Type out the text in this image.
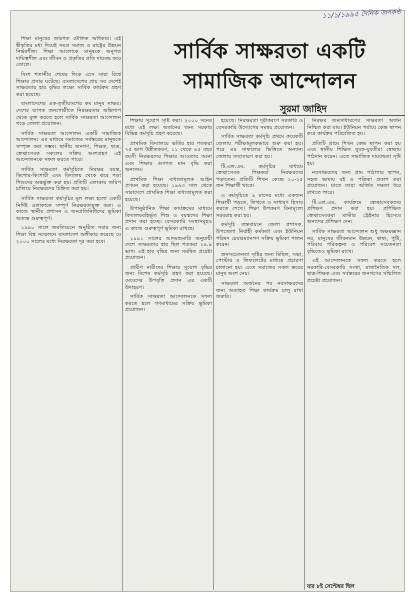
১১/১/১৯৯৫ দৈনিক জনকণ্ঠ
সার্বিক সাক্ষরতা একটি
সামাজিক আন্দোলন
সুরমা জাহিদ

শিক্ষা মানুষের জন্মগত মৌলিক অধিকার। এই স্বীকৃতির মধ্য দিয়েই সমগ্র সমাজ ও রাষ্ট্রের উন্নয়ন নির্ভরশীল। শিক্ষা আলোকে মানুষকে অনুগত দায়িত্বশীল এবং জীবন ও প্রকৃতির প্রতি দায়বদ্ধ করে তোলে।

বিংশ শতাব্দীর শেষের দিকে এসে সারা বিশ্বে শিক্ষার প্রসার ঘটেছে। বাংলাদেশের প্রায় সব দেশেই সাক্ষরতার হার বৃদ্ধির লক্ষ্যে সার্বিক কার্যক্রম গ্রহণ করা হয়েছে।

বাংলাদেশের এক-তৃতীয়াংশের কম মানুষ সাক্ষর। দেশের ব্যাপক জনগোষ্ঠীকে নিরক্ষরতার অভিশাপ থেকে মুক্ত করতে হলে সার্বিক সাক্ষরতা আন্দোলন গড়ে তোলা প্রয়োজন।

সার্বিক সাক্ষরতা আন্দোলন একটি সামাজিক আন্দোলন। এর মাধ্যমে সমাজের সর্বস্তরের মানুষকে সম্পৃক্ত করা সম্ভব। স্থানীয় জনগণ, শিক্ষক, ছাত্র, স্বেচ্ছাসেবক সকলের সক্রিয় অংশগ্রহণ এই আন্দোলনকে সফল করতে পারে।

সার্বিক সাক্ষরতা কর্মসূচিতে নিরক্ষর বয়স্ক, কিশোর-কিশোরী এবং বিদ্যালয় থেকে ঝরে পড়া শিশুদের অন্তর্ভুক্ত করা হয়। প্রতিটি এলাকায় জরিপ চালিয়ে নিরক্ষরদের চিহ্নিত করা হয়।

সার্বিক সাক্ষরতা কর্মসূচির মূল লক্ষ্য হলো একটি নির্দিষ্ট এলাকাকে সম্পূর্ণ নিরক্ষরতামুক্ত করা। এ কাজে স্থানীয় প্রশাসন ও জনপ্রতিনিধিদের ভূমিকা অত্যন্ত গুরুত্বপূর্ণ।

১৯৯০ সালে জমতিয়েনে অনুষ্ঠিত সবার জন্য শিক্ষা বিশ্ব সম্মেলনে বাংলাদেশ অঙ্গীকার করেছে যে ২০০০ সালের মধ্যে নিরক্ষরতা দূর করা হবে।

শিক্ষার সুযোগ সৃষ্টি করা। ২০০০ সনের মধ্যে এই লক্ষ্য অর্জনের জন্য সরকার বিভিন্ন কর্মসূচি গ্রহণ করেছে।

প্রাথমিক বিদ্যালয়ে ভর্তির হার শতকরা ৭৫ ভাগ উন্নীতকরণ, ১১ থেকে ৪৫ বছর বয়সী নিরক্ষরদের শিক্ষার আওতায় আনা এবং শিক্ষার গুণগত মান বৃদ্ধি করা অন্যতম।

প্রাথমিক শিক্ষা বাধ্যতামূলক আইন প্রণয়ন করা হয়েছে। ১৯৯৩ সাল থেকে সারাদেশে প্রাথমিক শিক্ষা বাধ্যতামূলক করা হয়েছে।

উপানুষ্ঠানিক শিক্ষা কার্যক্রমের মাধ্যমে বিদ্যালয়বহির্ভূত শিশু ও বয়স্কদের শিক্ষা প্রদান করা হচ্ছে। বেসরকারি সংস্থাসমূহও এ কাজে গুরুত্বপূর্ণ ভূমিকা রাখছে।

১৯৯১ সালের আদমশুমারি অনুযায়ী দেশে সাক্ষরতার হার ছিল শতকরা ২৪.৯ ভাগ। এই হার বৃদ্ধির জন্য সমন্বিত প্রচেষ্টা প্রয়োজন।

গ্রামীণ নারীদের শিক্ষার সুযোগ বৃদ্ধির জন্য বিশেষ কর্মসূচি গ্রহণ করা হয়েছে। মেয়েদের উপবৃত্তি প্রদান এর একটি উদাহরণ।

সার্বিক সাক্ষরতা আন্দোলনকে সফল করতে হলে গণমাধ্যমের সক্রিয় ভূমিকা প্রয়োজন।

হয়েছে। নিরক্ষরতা দূরীকরণে সরকারি ও বেসরকারি উদ্যোগের সমন্বয় প্রয়োজন।

সার্বিক সাক্ষরতা কর্মসূচি প্রথমে কয়েকটি জেলায় পরীক্ষামূলকভাবে শুরু করা হয়। পরে এর সাফল্যের ভিত্তিতে অন্যান্য জেলায় সম্প্রসারণ করা হয়।

টি.এল.এম. কর্মসূচির মাধ্যমে স্বেচ্ছাসেবক শিক্ষকরা নিরক্ষরদের পড়াতেন। প্রতিটি শিখন কেন্দ্রে ২০-২৫ জন শিক্ষার্থী থাকে।

এ কর্মসূচিতে ৯ মাসের মধ্যে একজন শিক্ষার্থী পড়তে, লিখতে ও সাধারণ হিসাব করতে শেখে। শিক্ষা উপকরণ বিনামূল্যে সরবরাহ করা হয়।

কর্মসূচি বাস্তবায়নে জেলা প্রশাসক, উপজেলা নির্বাহী কর্মকর্তা এবং ইউনিয়ন পরিষদ চেয়ারম্যানগণ সক্রিয় ভূমিকা পালন করেন।

জনসচেতনতা সৃষ্টির জন্য মিছিল, সভা, পোস্টার ও লিফলেটের মাধ্যমে প্রচারণা চালানো হয়। এতে সমাজের সকল স্তরের মানুষ অংশ নেয়।

সাক্ষরতা অর্জনের পর নবসাক্ষরদের জন্য অব্যাহত শিক্ষা কার্যক্রম চালু রাখা জরুরি।

নিরক্ষর জনসাধারণের সাক্ষরতা অর্জন নিশ্চিত করা যায়। ইউনিয়ন পর্যায়ে কেন্দ্র স্থাপন করে কার্যক্রম পরিচালিত হয়।

প্রতিটি গ্রামে শিখন কেন্দ্র স্থাপন করা হয় এবং স্থানীয় শিক্ষিত যুবক-যুবতীরা স্বেচ্ছায় পাঠদান করেন। এতে সামাজিক দায়বদ্ধতা সৃষ্টি হয়।

নবসাক্ষরদের জন্য গ্রাম পাঠাগার স্থাপন, সহজ ভাষায় বই ও পত্রিকা প্রকাশ করা প্রয়োজন। যাতে তারা অর্জিত দক্ষতা ধরে রাখতে পারে।

টি.এল.এম. কার্যক্রমে স্বেচ্ছাসেবকদের প্রশিক্ষণ প্রদান করা হয়। প্রশিক্ষিত স্বেচ্ছাসেবকরা মাস্টার ট্রেইনার হিসেবে অন্যদের প্রশিক্ষণ দেন।

সার্বিক সাক্ষরতা আন্দোলন শুধু অক্ষরজ্ঞান নয়, মানুষের জীবনমান উন্নয়ন, স্বাস্থ্য, পুষ্টি, পরিবার পরিকল্পনা ও পরিবেশ সচেতনতা বৃদ্ধিতেও ভূমিকা রাখে।

এই আন্দোলনকে সফল করতে হলে সরকারি-বেসরকারি সংস্থা, রাজনৈতিক দল, ছাত্র-শিক্ষক এবং সর্বস্তরের জনগণের সম্মিলিত প্রচেষ্টা প্রয়োজন।

যার ৮ই সেপ্টেম্বর ছিল
